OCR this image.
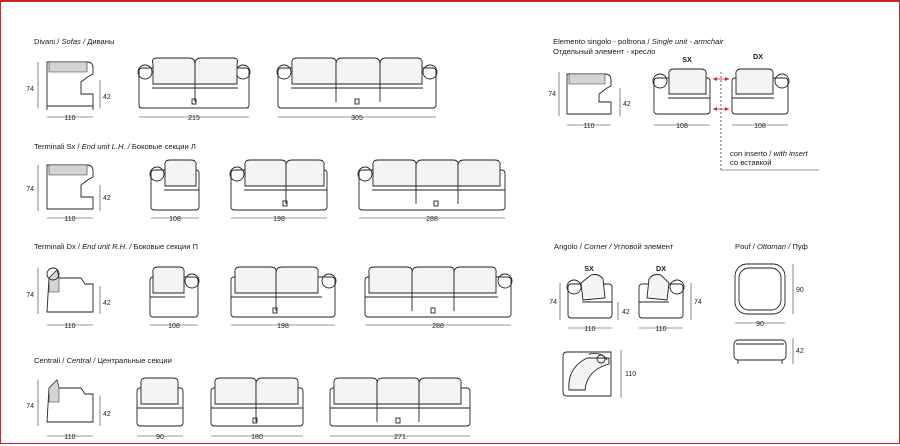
Divani / Sofas / Диваны
Terminali Sx / End unit L.H. / Боковые секции Л
Terminali Dx / End unit R.H. / Боковые секции П
Centrali / Central / Центральные секции
Elemento singolo - poltrona / Single unit - armchair
Отдельный элемент - кресло
Angolo / Corner / Угловой элемент	Pouf / Ottoman / Пуф
74
42
110	215	305
74
42
110	108	198	288
74
42
110	108	198	288
74
42
110	90	180	271
74
42
110
SX
108
DX
108
con inserto / with insert
со вставкой
SX	DX
74	74
42
110	110
110
90
90
42
